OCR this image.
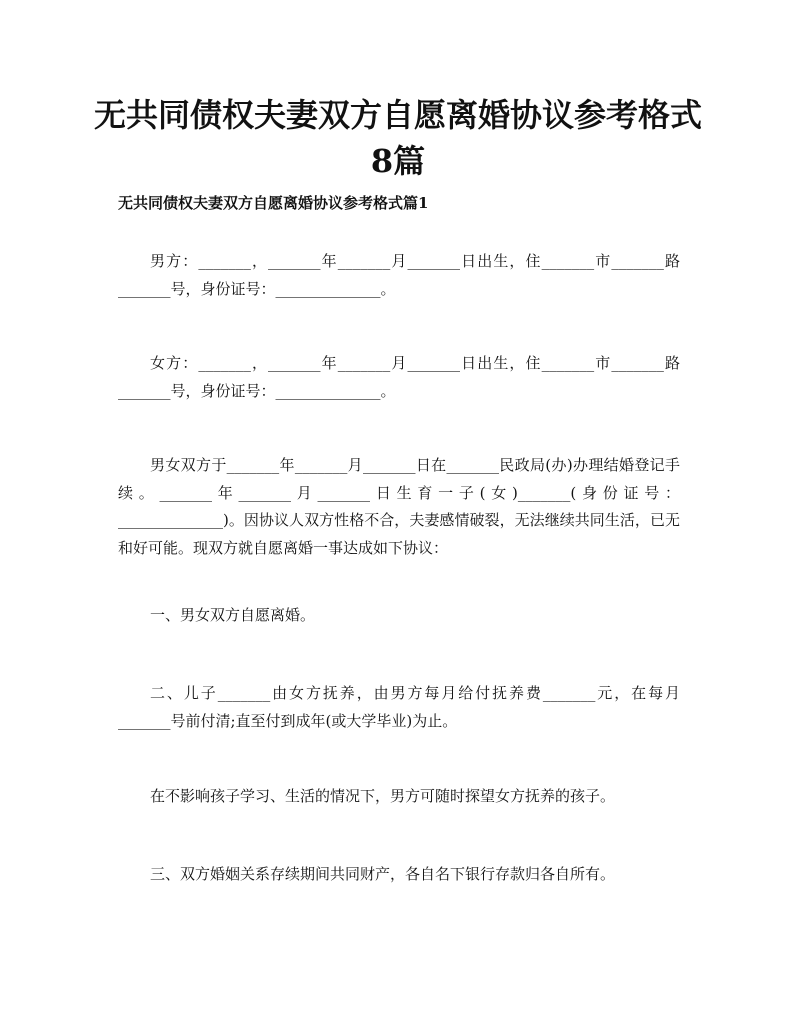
无共同债权夫妻双方自愿离婚协议参考格式
8篇

无共同债权夫妻双方自愿离婚协议参考格式篇1

男方：_______，_______年_______月_______日出生，住_______市_______路_______号，身份证号：______________。

女方：_______，_______年_______月_______日出生，住_______市_______路_______号，身份证号：______________。

男女双方于_______年_______月_______日在_______民政局(办)办理结婚登记手续。_______年_______月_______日生育一子(女)_______(身份证号：______________)。因协议人双方性格不合，夫妻感情破裂，无法继续共同生活，已无和好可能。现双方就自愿离婚一事达成如下协议：

一、男女双方自愿离婚。

二、儿子_______由女方抚养，由男方每月给付抚养费_______元，在每月_______号前付清;直至付到成年(或大学毕业)为止。

在不影响孩子学习、生活的情况下，男方可随时探望女方抚养的孩子。

三、双方婚姻关系存续期间共同财产，各自名下银行存款归各自所有。
